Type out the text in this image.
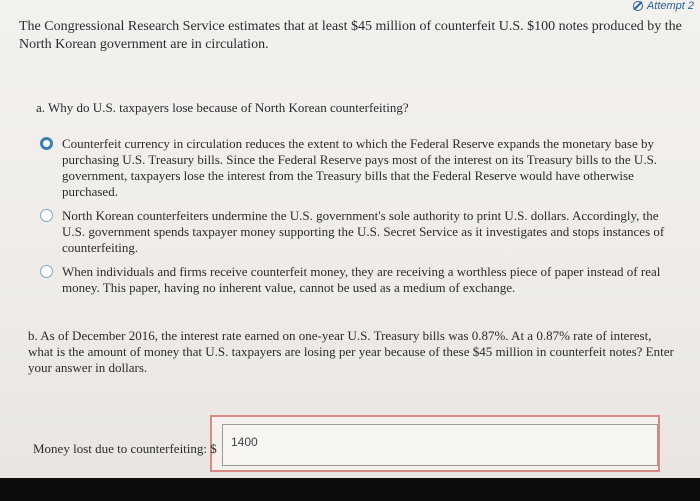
Attempt 2
The Congressional Research Service estimates that at least $45 million of counterfeit U.S. $100 notes produced by the North Korean government are in circulation.
a. Why do U.S. taxpayers lose because of North Korean counterfeiting?
Counterfeit currency in circulation reduces the extent to which the Federal Reserve expands the monetary base by purchasing U.S. Treasury bills. Since the Federal Reserve pays most of the interest on its Treasury bills to the U.S. government, taxpayers lose the interest from the Treasury bills that the Federal Reserve would have otherwise purchased.
North Korean counterfeiters undermine the U.S. government's sole authority to print U.S. dollars. Accordingly, the U.S. government spends taxpayer money supporting the U.S. Secret Service as it investigates and stops instances of counterfeiting.
When individuals and firms receive counterfeit money, they are receiving a worthless piece of paper instead of real money. This paper, having no inherent value, cannot be used as a medium of exchange.
b. As of December 2016, the interest rate earned on one-year U.S. Treasury bills was 0.87%. At a 0.87% rate of interest, what is the amount of money that U.S. taxpayers are losing per year because of these $45 million in counterfeit notes? Enter your answer in dollars.
Money lost due to counterfeiting: $	1400
